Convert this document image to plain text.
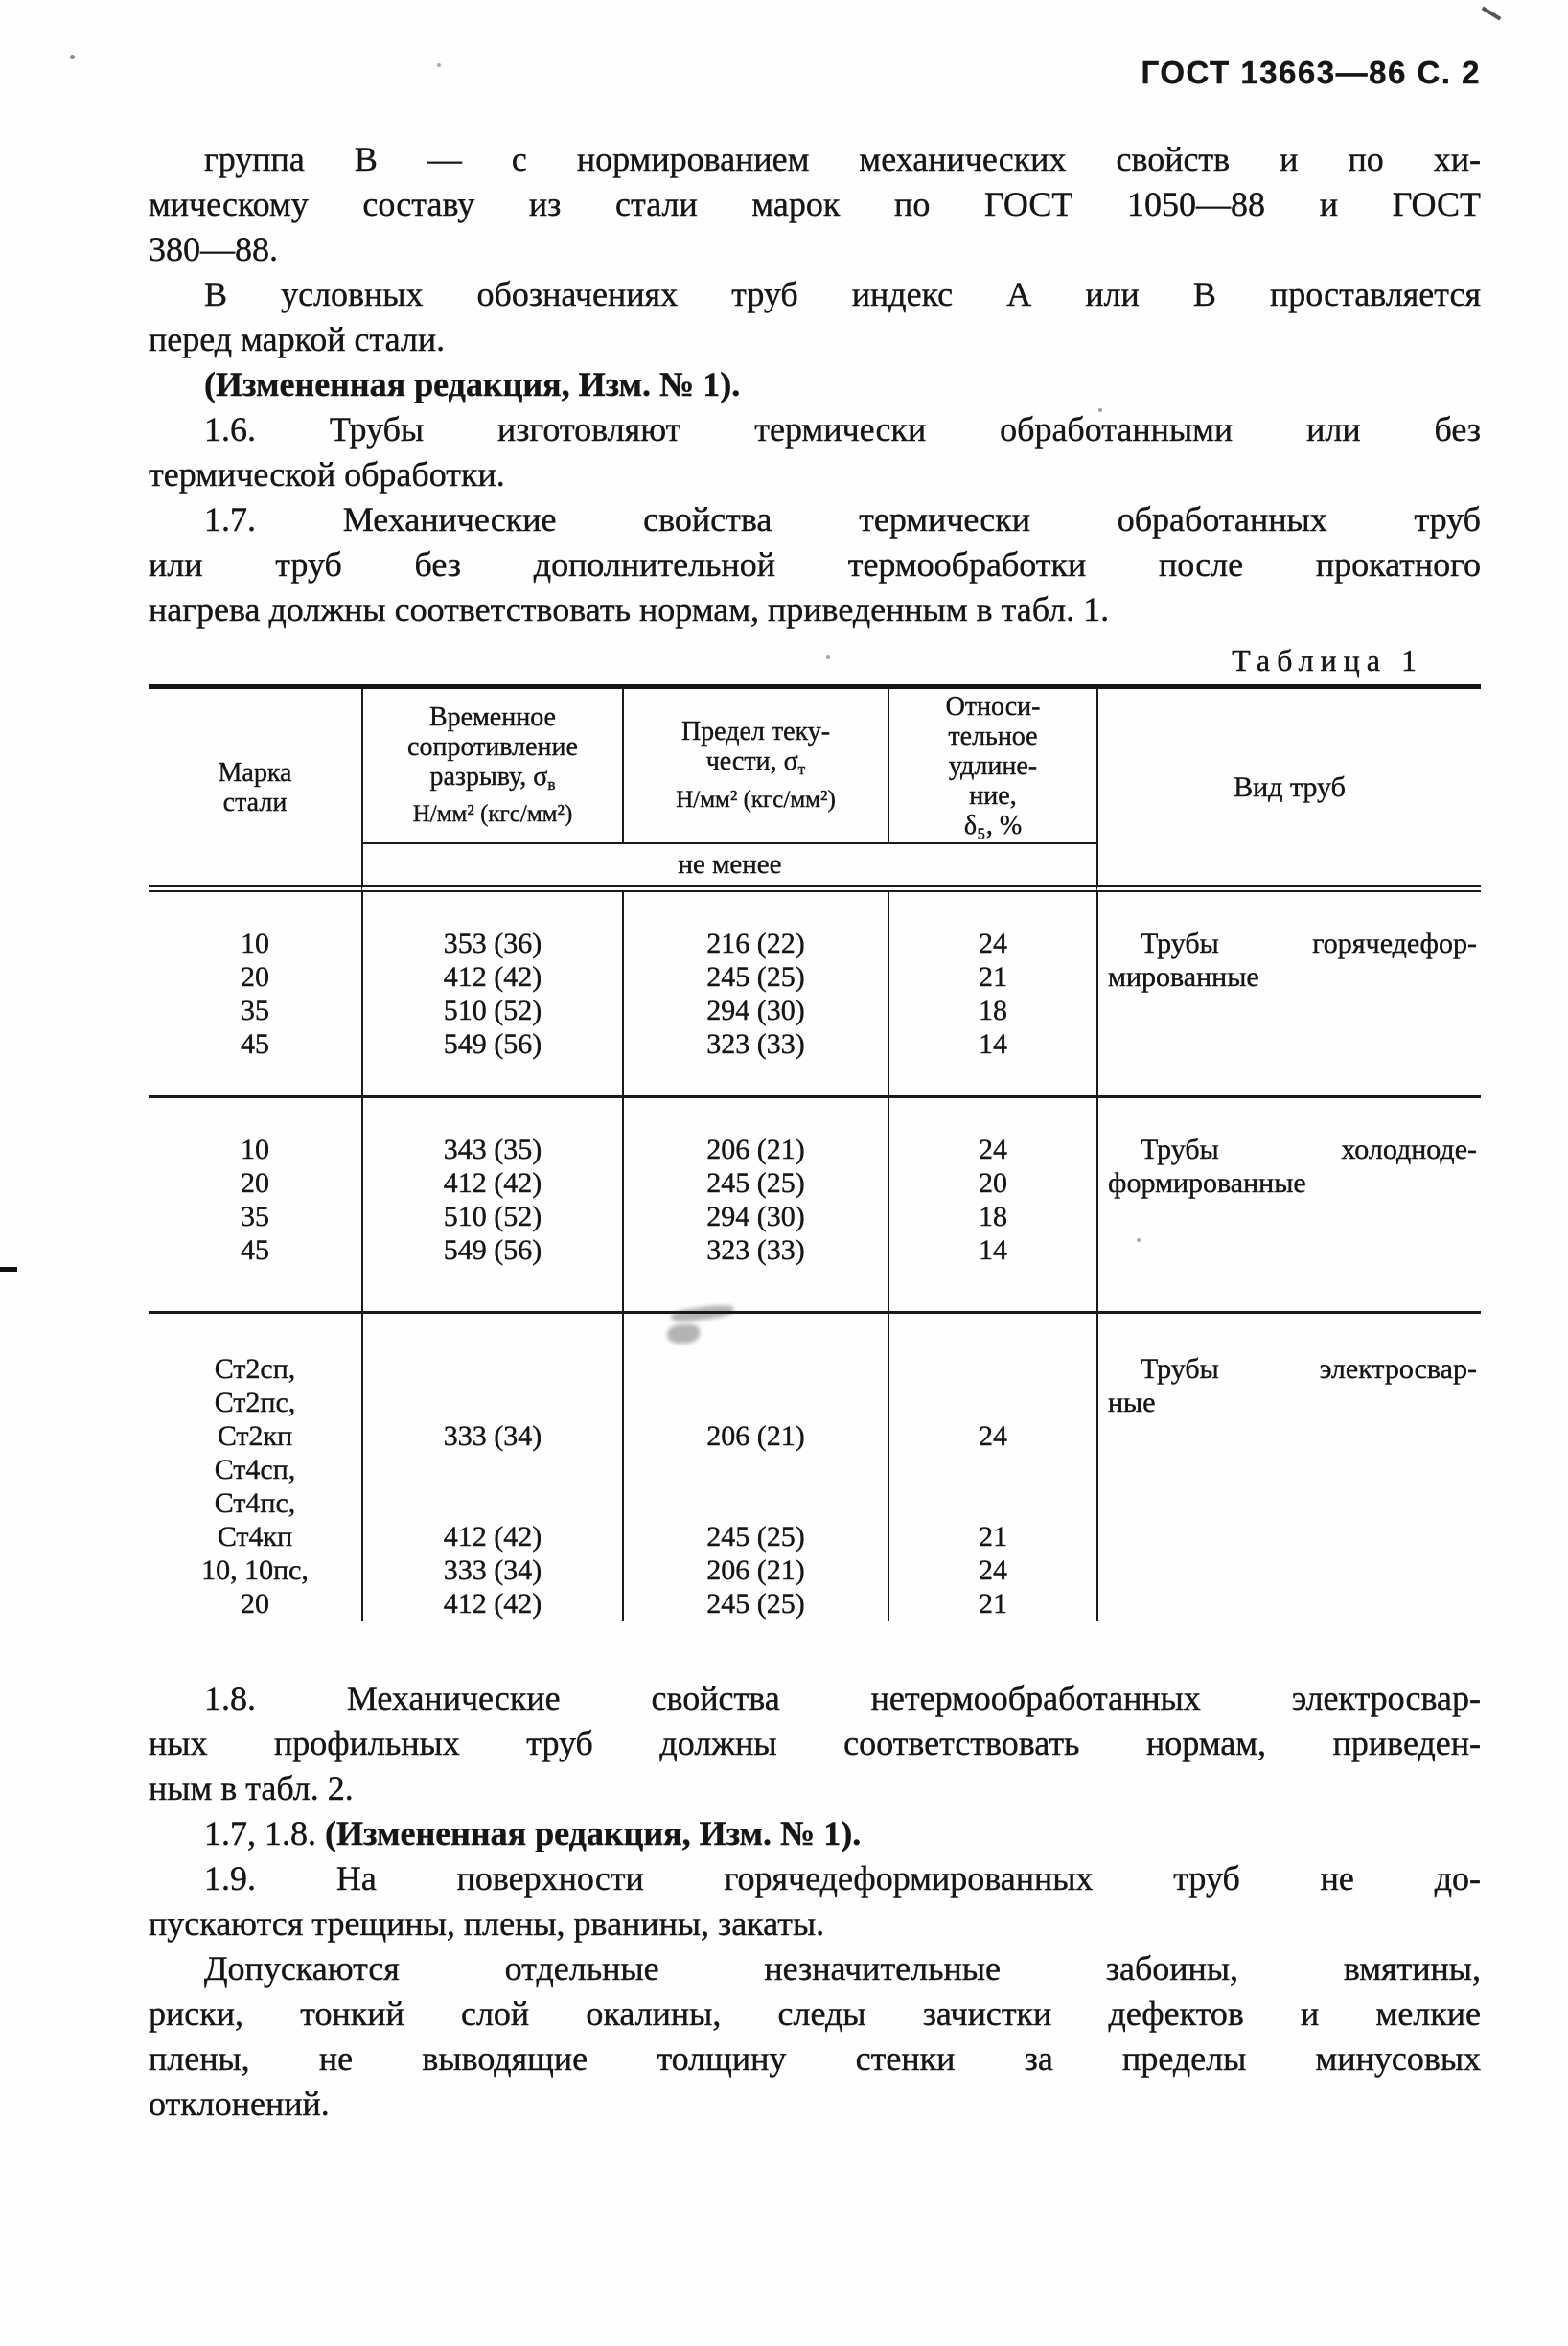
ГОСТ 13663—86 С. 2
группа В — с нормированием механических свойств и по хи-
мическому составу из стали марок по ГОСТ 1050—88 и ГОСТ
380—88.
В условных обозначениях труб индекс А или В проставляется
перед маркой стали.
(Измененная редакция, Изм. № 1).
1.6. Трубы изготовляют термически обработанными или без
термической обработки.
1.7. Механические свойства термически обработанных труб
или труб без дополнительной термообработки после прокатного
нагрева должны соответствовать нормам, приведенным в табл. 1.
Таблица 1
Марка
стали
Временное
сопротивление
разрыву, σв
Н/мм² (кгс/мм²)
Предел теку-
чести, σт
Н/мм² (кгс/мм²)
Относи-
тельное
удлине-
ние,
δ₅, %
Вид труб
не менее
10
20
35
45
353 (36)
412 (42)
510 (52)
549 (56)
216 (22)
245 (25)
294 (30)
323 (33)
24
21
18
14
Трубы горячедефор-
мированные
10
20
35
45
343 (35)
412 (42)
510 (52)
549 (56)
206 (21)
245 (25)
294 (30)
323 (33)
24
20
18
14
Трубы холодноде-
формированные
Ст2сп,
Ст2пс,
Ст2кп
Ст4сп,
Ст4пс,
Ст4кп
10, 10пс,
20
333 (34)
412 (42)
333 (34)
412 (42)
206 (21)
245 (25)
206 (21)
245 (25)
24
21
24
21
Трубы электросвар-
ные
1.8. Механические свойства нетермообработанных электросвар-
ных профильных труб должны соответствовать нормам, приведен-
ным в табл. 2.
1.7, 1.8. (Измененная редакция, Изм. № 1).
1.9. На поверхности горячедеформированных труб не до-
пускаются трещины, плены, рванины, закаты.
Допускаются отдельные незначительные забоины, вмятины,
риски, тонкий слой окалины, следы зачистки дефектов и мелкие
плены, не выводящие толщину стенки за пределы минусовых
отклонений.
